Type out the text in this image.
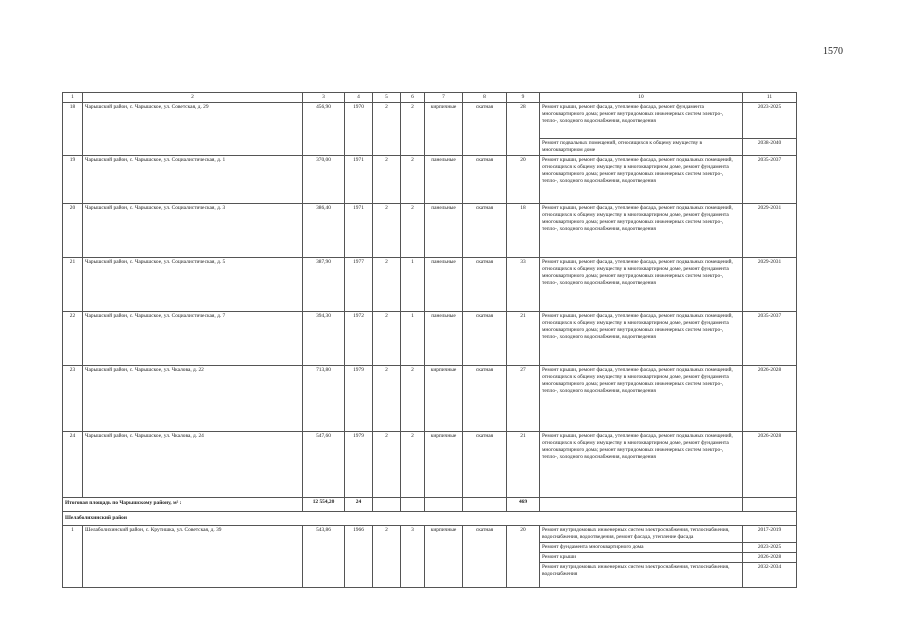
1570
1	2	3	4	5	6	7	8	9	10	11
18	Чарышский район, с. Чарышское, ул. Советская, д. 29	456,90	1970	2	2	кирпичные	скатная	28	Ремонт крыши, ремонт фасада, утепление фасада, ремонт фундамента многоквартирного дома; ремонт внутридомовых инженерных систем электро-, тепло-, холодного водоснабжения, водоотведения	2023-2025
									Ремонт подвальных помещений, относящихся к общему имуществу в многоквартирном доме	2038-2040
19	Чарышский район, с. Чарышское, ул. Социалистическая, д. 1	370,00	1971	2	2	панельные	скатная	20	Ремонт крыши, ремонт фасада, утепление фасада, ремонт подвальных помещений, относящихся к общему имуществу в многоквартирном доме, ремонт фундамента многоквартирного дома; ремонт внутридомовых инженерных систем электро-, тепло-, холодного водоснабжения, водоотведения	2035-2037
20	Чарышский район, с. Чарышское, ул. Социалистическая, д. 3	386,40	1971	2	2	панельные	скатная	18	Ремонт крыши, ремонт фасада, утепление фасада, ремонт подвальных помещений, относящихся к общему имуществу в многоквартирном доме, ремонт фундамента многоквартирного дома; ремонт внутридомовых инженерных систем электро-, тепло-, холодного водоснабжения, водоотведения	2029-2031
21	Чарышский район, с. Чарышское, ул. Социалистическая, д. 5	387,90	1977	2	1	панельные	скатная	33	Ремонт крыши, ремонт фасада, утепление фасада, ремонт подвальных помещений, относящихся к общему имуществу в многоквартирном доме, ремонт фундамента многоквартирного дома; ремонт внутридомовых инженерных систем электро-, тепло-, холодного водоснабжения, водоотведения	2029-2031
22	Чарышский район, с. Чарышское, ул. Социалистическая, д. 7	394,30	1972	2	1	панельные	скатная	21	Ремонт крыши, ремонт фасада, утепление фасада, ремонт подвальных помещений, относящихся к общему имуществу в многоквартирном доме, ремонт фундамента многоквартирного дома; ремонт внутридомовых инженерных систем электро-, тепло-, холодного водоснабжения, водоотведения	2035-2037
23	Чарышский район, с. Чарышское, ул. Чкалова, д. 22	713,80	1979	2	2	кирпичные	скатная	27	Ремонт крыши, ремонт фасада, утепление фасада, ремонт подвальных помещений, относящихся к общему имуществу в многоквартирном доме, ремонт фундамента многоквартирного дома; ремонт внутридомовых инженерных систем электро-, тепло-, холодного водоснабжения, водоотведения	2026-2028
24	Чарышский район, с. Чарышское, ул. Чкалова, д. 24	547,60	1979	2	2	кирпичные	скатная	21	Ремонт крыши, ремонт фасада, утепление фасада, ремонт подвальных помещений, относящихся к общему имуществу в многоквартирном доме, ремонт фундамента многоквартирного дома; ремонт внутридомовых инженерных систем электро-, тепло-, холодного водоснабжения, водоотведения	2026-2028
Итоговая площадь по Чарышскому району, м² :		12 554,20	24					469		
Шелаболихинский район										
1	Шелаболихинский район, с. Крутишка, ул. Советская, д. 39	543,86	1966	2	3	кирпичные	скатная	20	Ремонт внутридомовых инженерных систем электроснабжения, теплоснабжения, водоснабжения, водоотведения, ремонт фасада, утепление фасада	2017-2019
									Ремонт фундамента многоквартирного дома	2023-2025
									Ремонт крыши	2026-2028
									Ремонт внутридомовых инженерных систем электроснабжения, теплоснабжения, водоснабжения	2032-2034
